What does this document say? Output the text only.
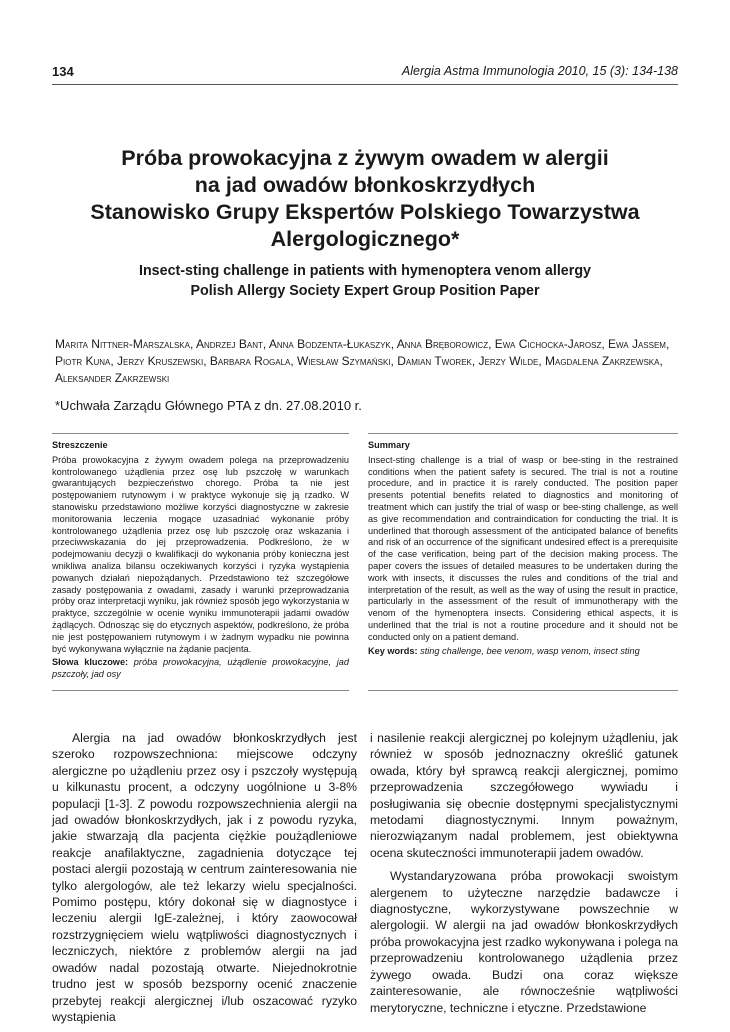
134	Alergia Astma Immunologia 2010, 15 (3): 134-138
Próba prowokacyjna z żywym owadem w alergii
na jad owadów błonkoskrzydłych
Stanowisko Grupy Ekspertów Polskiego Towarzystwa
Alergologicznego*
Insect-sting challenge in patients with hymenoptera venom allergy
Polish Allergy Society Expert Group Position Paper
Marita Nittner-Marszalska, Andrzej Bant, Anna Bodzenta-Łukaszyk, Anna Bręborowicz, Ewa Cichocka-Jarosz, Ewa Jassem, Piotr Kuna, Jerzy Kruszewski, Barbara Rogala, Wiesław Szymański, Damian Tworek, Jerzy Wilde, Magdalena Zakrzewska, Aleksander Zakrzewski
*Uchwała Zarządu Głównego PTA z dn. 27.08.2010 r.
Streszczenie
Próba prowokacyjna z żywym owadem polega na przeprowadzeniu kontrolowanego użądlenia przez osę lub pszczołę w warunkach gwarantujących bezpieczeństwo chorego. Próba ta nie jest postępowaniem rutynowym i w praktyce wykonuje się ją rzadko. W stanowisku przedstawiono możliwe korzyści diagnostyczne w zakresie monitorowania leczenia mogące uzasadniać wykonanie próby kontrolowanego użądlenia przez osę lub pszczołę oraz wskazania i przeciwwskazania do jej przeprowadzenia. Podkreślono, że w podejmowaniu decyzji o kwalifikacji do wykonania próby konieczna jest wnikliwa analiza bilansu oczekiwanych korzyści i ryzyka wystąpienia powanych działań niepożądanych. Przedstawiono też szczegółowe zasady postępowania z owadami, zasady i warunki przeprowadzania próby oraz interpretacji wyniku, jak również sposób jego wykorzystania w praktyce, szczególnie w ocenie wyniku immunoterapii jadami owadów żądlących. Odnosząc się do etycznych aspektów, podkreślono, że próba nie jest postępowaniem rutynowym i w żadnym wypadku nie powinna być wykonywana wyłącznie na żądanie pacjenta.
Słowa kluczowe: próba prowokacyjna, użądlenie prowokacyjne, jad pszczoły, jad osy
Summary
Insect-sting challenge is a trial of wasp or bee-sting in the restrained conditions when the patient safety is secured. The trial is not a routine procedure, and in practice it is rarely conducted. The position paper presents potential benefits related to diagnostics and monitoring of treatment which can justify the trial of wasp or bee-sting challenge, as well as give recommendation and contraindication for conducting the trial. It is underlined that thorough assessment of the anticipated balance of benefits and risk of an occurrence of the significant undesired effect is a prerequisite of the case verification, being part of the decision making process. The paper covers the issues of detailed measures to be undertaken during the work with insects, it discusses the rules and conditions of the trial and interpretation of the result, as well as the way of using the result in practice, particularly in the assessment of the result of immunotherapy with the venom of the hymenoptera insects. Considering ethical aspects, it is underlined that the trial is not a routine procedure and it should not be conducted only on a patient demand.
Key words: sting challenge, bee venom, wasp venom, insect sting

Alergia na jad owadów błonkoskrzydłych jest szeroko rozpowszechniona: miejscowe odczyny alergiczne po użądleniu przez osy i pszczoły występują u kilkunastu procent, a odczyny uogólnione u 3-8% populacji [1-3]. Z powodu rozpowszechnienia alergii na jad owadów błonkoskrzydłych, jak i z powodu ryzyka, jakie stwarzają dla pacjenta ciężkie poużądleniowe reakcje anafilaktyczne, zagadnienia dotyczące tej postaci alergii pozostają w centrum zainteresowania nie tylko alergologów, ale też lekarzy wielu specjalności. Pomimo postępu, który dokonał się w diagnostyce i leczeniu alergii IgE-zależnej, i który zaowocował rozstrzygnięciem wielu wątpliwości diagnostycznych i leczniczych, niektóre z problemów alergii na jad owadów nadal pozostają otwarte. Niejednokrotnie trudno jest w sposób bezsporny ocenić znaczenie przebytej reakcji alergicznej i/lub oszacować ryzyko wystąpienia

i nasilenie reakcji alergicznej po kolejnym użądleniu, jak również w sposób jednoznaczny określić gatunek owada, który był sprawcą reakcji alergicznej, pomimo przeprowadzenia szczegółowego wywiadu i posługiwania się obecnie dostępnymi specjalistycznymi metodami diagnostycznymi. Innym poważnym, nierozwiązanym nadal problemem, jest obiektywna ocena skuteczności immunoterapii jadem owadów.

Wystandaryzowana próba prowokacji swoistym alergenem to użyteczne narzędzie badawcze i diagnostyczne, wykorzystywane powszechnie w alergologii. W alergii na jad owadów błonkoskrzydłych próba prowokacyjna jest rzadko wykonywana i polega na przeprowadzeniu kontrolowanego użądlenia przez żywego owada. Budzi ona coraz większe zainteresowanie, ale równocześnie wątpliwości merytoryczne, techniczne i etyczne. Przedstawione
